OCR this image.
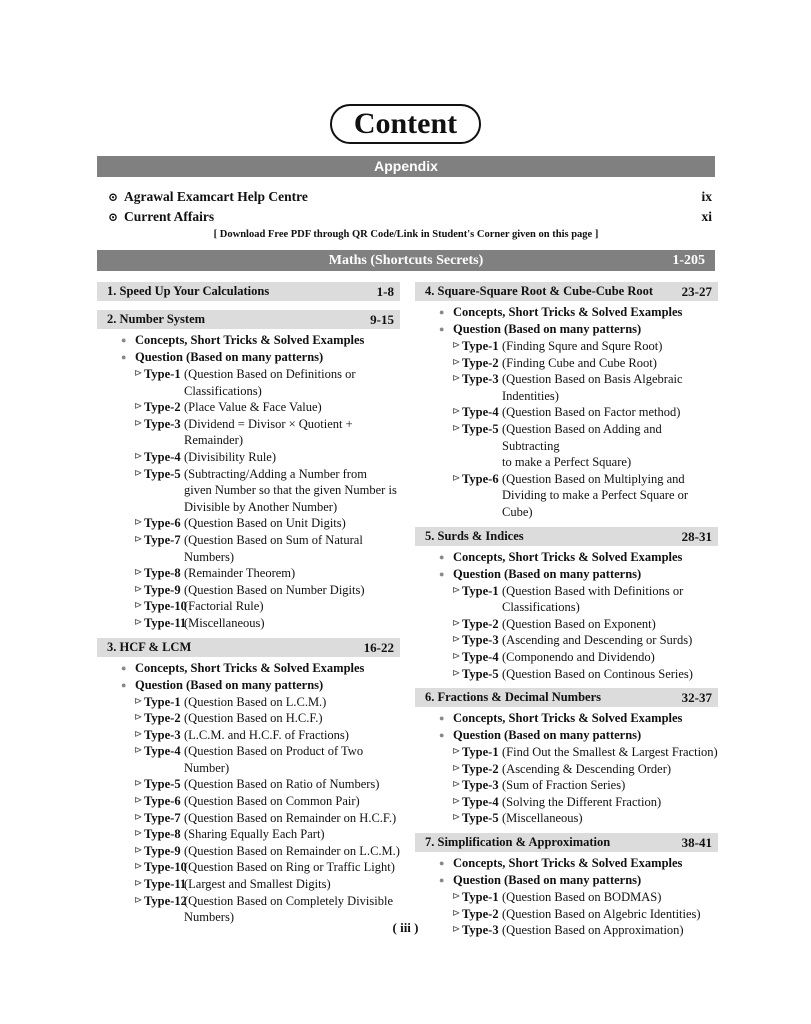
Content
Appendix
⊙ Agrawal Examcart Help Centre	ix
⊙ Current Affairs	xi
[ Download Free PDF through QR Code/Link in Student's Corner given on this page ]
Maths (Shortcuts Secrets)	1-205
1. Speed Up Your Calculations	1-8
2. Number System	9-15
● Concepts, Short Tricks & Solved Examples
● Question (Based on many patterns)
⊳ Type-1 (Question Based on Definitions or
Classifications)
⊳ Type-2 (Place Value & Face Value)
⊳ Type-3 (Dividend = Divisor × Quotient +
Remainder)
⊳ Type-4 (Divisibility Rule)
⊳ Type-5 (Subtracting/Adding a Number from
given Number so that the given Number is
Divisible by Another Number)
⊳ Type-6 (Question Based on Unit Digits)
⊳ Type-7 (Question Based on Sum of Natural
Numbers)
⊳ Type-8 (Remainder Theorem)
⊳ Type-9 (Question Based on Number Digits)
⊳ Type-10
(Factorial Rule)
⊳ Type-11
(Miscellaneous)
3. HCF & LCM	16-22
● Concepts, Short Tricks & Solved Examples
● Question (Based on many patterns)
⊳ Type-1 (Question Based on L.C.M.)
⊳ Type-2 (Question Based on H.C.F.)
⊳ Type-3 (L.C.M. and H.C.F. of Fractions)
⊳ Type-4 (Question Based on Product of Two
Number)
⊳ Type-5 (Question Based on Ratio of Numbers)
⊳ Type-6 (Question Based on Common Pair)
⊳ Type-7 (Question Based on Remainder on H.C.F.)
⊳ Type-8 (Sharing Equally Each Part)
⊳ Type-9 (Question Based on Remainder on L.C.M.)
⊳ Type-10
(Question Based on Ring or Traffic Light)
⊳ Type-11
(Largest and Smallest Digits)
⊳ Type-12
(Question Based on Completely Divisible
Numbers)
4. Square-Square Root & Cube-Cube Root 23-27
● Concepts, Short Tricks & Solved Examples
● Question (Based on many patterns)
⊳ Type-1 (Finding Squre and Squre Root)
⊳ Type-2 (Finding Cube and Cube Root)
⊳ Type-3 (Question Based on Basis Algebraic
Indentities)
⊳ Type-4 (Question Based on Factor method)
⊳ Type-5 (Question Based on Adding and Subtracting
to make a Perfect Square)
⊳ Type-6 (Question Based on Multiplying and
Dividing to make a Perfect Square or Cube)
5. Surds & Indices	28-31
● Concepts, Short Tricks & Solved Examples
● Question (Based on many patterns)
⊳ Type-1 (Question Based with Definitions or
Classifications)
⊳ Type-2 (Question Based on Exponent)
⊳ Type-3 (Ascending and Descending or Surds)
⊳ Type-4 (Componendo and Dividendo)
⊳ Type-5 (Question Based on Continous Series)
6. Fractions & Decimal Numbers	32-37
● Concepts, Short Tricks & Solved Examples
● Question (Based on many patterns)
⊳ Type-1 (Find Out the Smallest & Largest Fraction)
⊳ Type-2 (Ascending & Descending Order)
⊳ Type-3 (Sum of Fraction Series)
⊳ Type-4 (Solving the Different Fraction)
⊳ Type-5 (Miscellaneous)
7. Simplification & Approximation	38-41
● Concepts, Short Tricks & Solved Examples
● Question (Based on many patterns)
⊳ Type-1 (Question Based on BODMAS)
⊳ Type-2 (Question Based on Algebric Identities)
⊳ Type-3 (Question Based on Approximation)
( iii )
